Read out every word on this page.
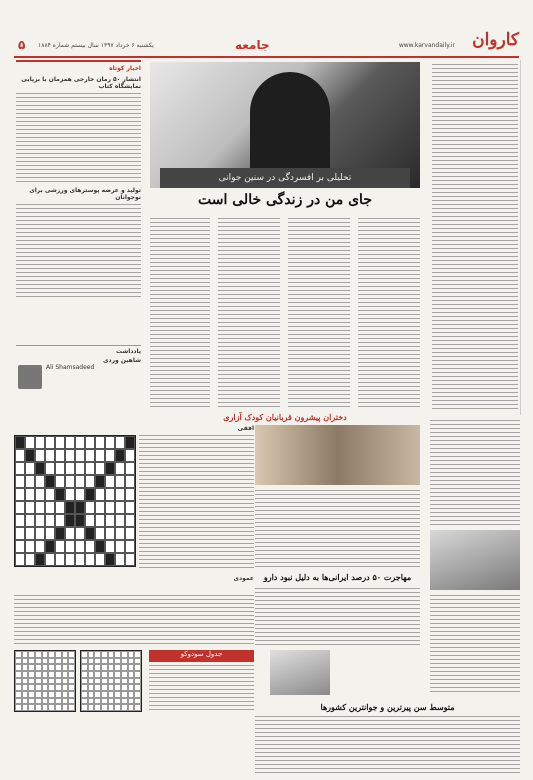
کاروان
www.karvandaily.ir
جامعه
یکشنبه ۶ خرداد ۱۳۹۷ سال بیستم شماره ۱۸۸۴
۵
تحلیلی بر افسردگی در سنین جوانی
جای من در زندگی خالی است
اخبار کوتاه
انتشار ۵۰ رمان خارجی همزمان با برپایی نمایشگاه کتاب
تولید و عرضه پوسترهای ورزشی برای نوجوانان
یادداشت
شاهین وردی
Ali Shamsadeed
دختران پیشرون قربانیان کودک آزاری
مهاجرت ۵۰ درصد ایرانی‌ها به دلیل نبود دارو
متوسط سن پیرترین و جوانترین کشورها
افقی
عمودی
جدول سودوکو
